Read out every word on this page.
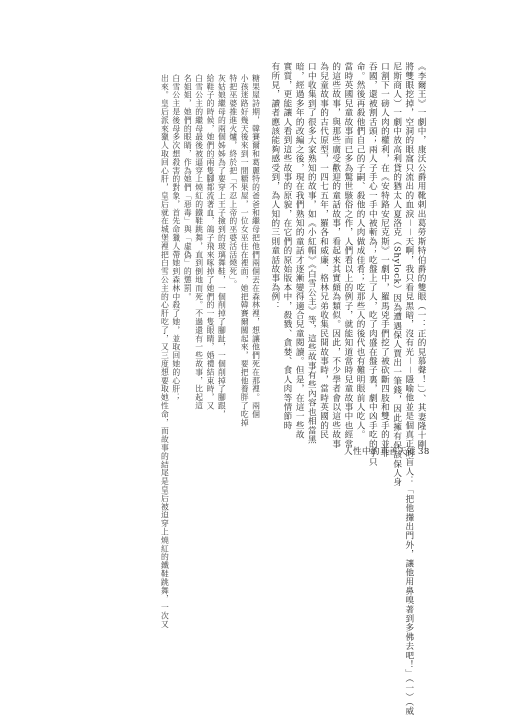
《李爾王》一劇中，康沃公爵用靴剌出葛勞斯特伯爵的雙眼（一：正的見慕聲！」）、其妻隆十剛
將雙眼挖掉，空洞的眼窩只流出的血淚－－天啊，我只看見黑暗，沒有光－－隱喻他並是個真正的盲人：「把他攆出門外，讓他用鼻嗅著到多佛去吧！」（一）（威
尼斯商人）一劇中放高利貸的猶太人夏洛克（Shylock）因為遭遇保人賈出一筆錢，因此擁有保該保人身
口割下一磅人肉的權利，在《安特路安尼克斯》一劇中，羅馬兇手們挖了被砍斷四肢和雙手的並非
吞國，還被割舌頭；兩人子手心一手中被斬為；吃盤上了人，吃了肉盛在盤子裏，劇中凶手吃的乎只
命。然後再殺他們自己的子嗣、殺他的人肉做成佳肴；吃那些人的後代也有難明眼前人吃人。
當時英國兒童故事而已多為驚世駭俗之作，人們看以上的例子，就能知道當時兒童故事中也經常
的這些故事，與那些廣受歡迎的童話故事，看起來其實頗為類似。因此，不少學者會以這些故事
為兒童故事的古代原型，一四七五年，羅各和威廉．格林兄弟收集民間故事時，當時英國的民
口中收集到了很多大家熟知的故事，如《小紅帽》《白雪公主》等，這些故事有些內容也相當黑
暗，經過多年的改編之後，現在我們熟知的童話才逐漸變得適合兒童閱讀。但是，在這一些故
實質，更能讓人看到這些故事的原貌，在它們的原始版本中，殺戮、貪婪、食人肉等情節時
有所見，讀者應該能夠感受到，為人知的三則童話故事為例：
糖果屋詩期，韓賽爾和葛麗特的爸爸和繼母把他們兩個丟在森林裡，想讓他們死在那裡。兩個
小孩迷路好幾天後來到一間糖果屋，一位女巫住在裡面，她把韓賽爾關起來，要把他養胖了吃掉
特把巫婆推進火爐，終於把「不忍上帝的巫婆活活燒死」。
灰姑娘繼母的兩個姊姊為了要穿上王子撿到的玻璃舞鞋，一個削掉了腳趾，一個削掉了腳跟，
給鞋子的時候，她們的兩隻腳都流著血，鴿子飛來啄掉了她們的一隻眼睛，婚禮結束時，又
白雪公主的繼母最後被逼穿上燒紅的鐵鞋跳舞，直到倒地而死。不過還有一些故事，比起這
名姐姐，她們的眼睛，作為她們「惡毒」與「虛偽」的懲罰。
白雪公主是後母多次想殺害的對象，首先命獵人帶她到森林中殺了她，並取回她的心肝；
出來。皇后派來獵人取回心肝，皇后就在城堡裡把白雪公主的心肝吃了，又三度想要取她性命，而故事的結尾是皇后被迫穿上燒紅的鐵鞋跳舞，一次又	人性中的真善天能 38
